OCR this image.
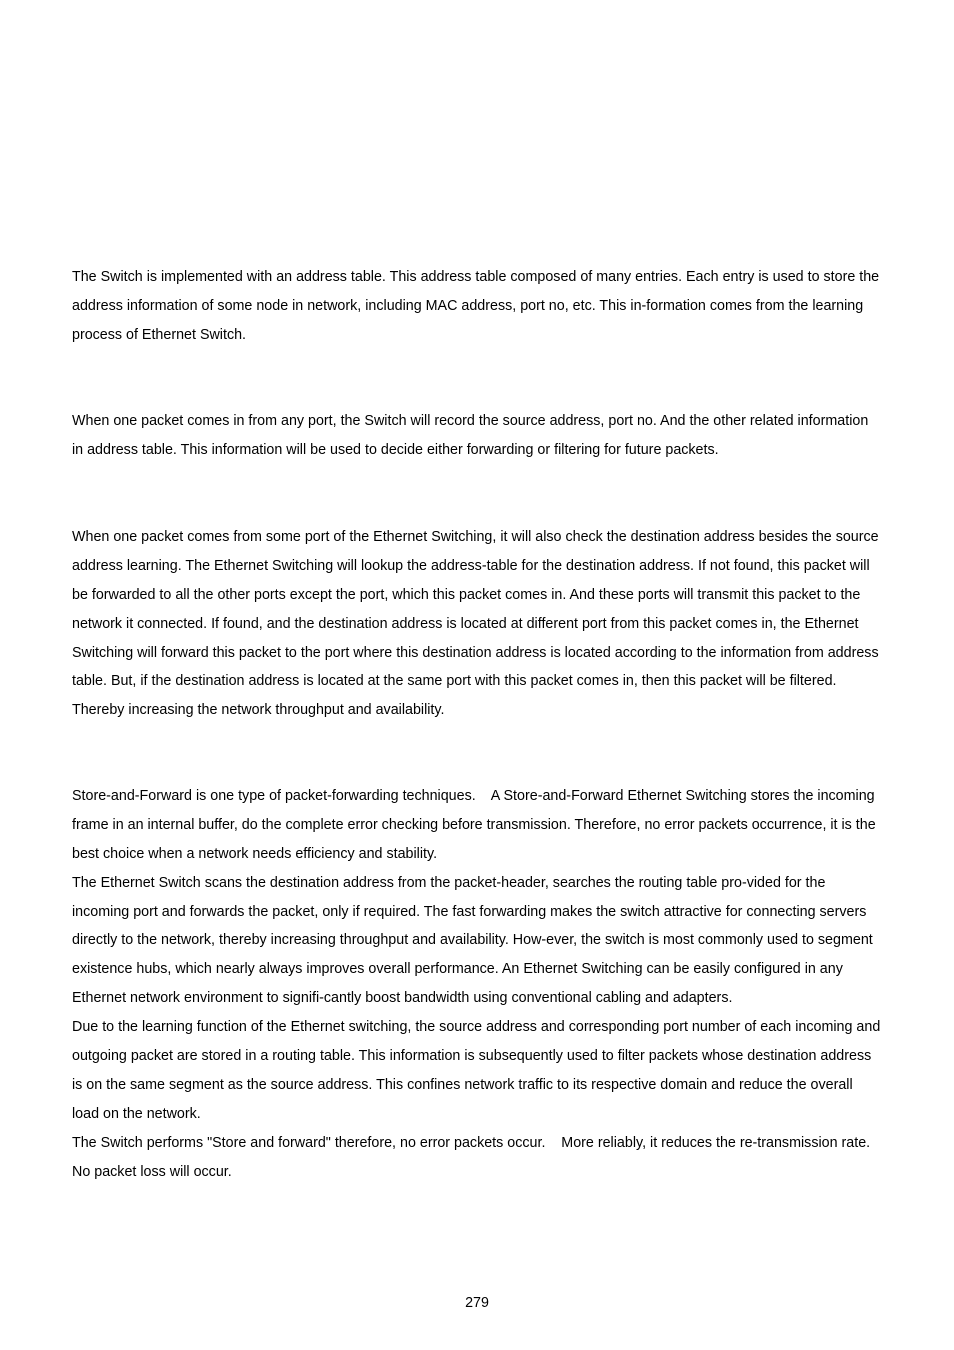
The Switch is implemented with an address table. This address table composed of many entries. Each entry is used to store the
address information of some node in network, including MAC address, port no, etc. This in-formation comes from the learning
process of Ethernet Switch.
When one packet comes in from any port, the Switch will record the source address, port no. And the other related information
in address table. This information will be used to decide either forwarding or filtering for future packets.
When one packet comes from some port of the Ethernet Switching, it will also check the destination address besides the source
address learning. The Ethernet Switching will lookup the address-table for the destination address. If not found, this packet will
be forwarded to all the other ports except the port, which this packet comes in. And these ports will transmit this packet to the
network it connected. If found, and the destination address is located at different port from this packet comes in, the Ethernet
Switching will forward this packet to the port where this destination address is located according to the information from address
table. But, if the destination address is located at the same port with this packet comes in, then this packet will be filtered.
Thereby increasing the network throughput and availability.
Store-and-Forward is one type of packet-forwarding techniques.    A Store-and-Forward Ethernet Switching stores the incoming
frame in an internal buffer, do the complete error checking before transmission. Therefore, no error packets occurrence, it is the
best choice when a network needs efficiency and stability.
The Ethernet Switch scans the destination address from the packet-header, searches the routing table pro-vided for the
incoming port and forwards the packet, only if required. The fast forwarding makes the switch attractive for connecting servers
directly to the network, thereby increasing throughput and availability. How-ever, the switch is most commonly used to segment
existence hubs, which nearly always improves overall performance. An Ethernet Switching can be easily configured in any
Ethernet network environment to signifi-cantly boost bandwidth using conventional cabling and adapters.
Due to the learning function of the Ethernet switching, the source address and corresponding port number of each incoming and
outgoing packet are stored in a routing table. This information is subsequently used to filter packets whose destination address
is on the same segment as the source address. This confines network traffic to its respective domain and reduce the overall
load on the network.
The Switch performs "Store and forward" therefore, no error packets occur.    More reliably, it reduces the re-transmission rate.
No packet loss will occur.
279
